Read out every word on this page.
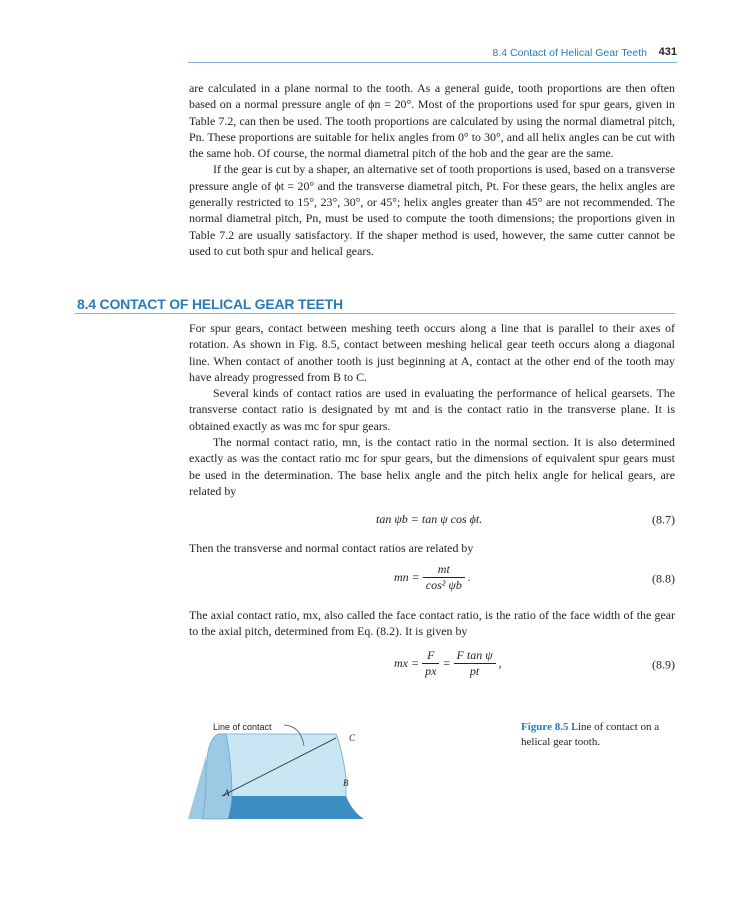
8.4 Contact of Helical Gear Teeth 431

are calculated in a plane normal to the tooth. As a general guide, tooth proportions are then often based on a normal pressure angle of ϕn = 20°. Most of the proportions used for spur gears, given in Table 7.2, can then be used. The tooth proportions are calculated by using the normal diametral pitch, Pn. These proportions are suitable for helix angles from 0° to 30°, and all helix angles can be cut with the same hob. Of course, the normal diametral pitch of the hob and the gear are the same.

If the gear is cut by a shaper, an alternative set of tooth proportions is used, based on a transverse pressure angle of ϕt = 20° and the transverse diametral pitch, Pt. For these gears, the helix angles are generally restricted to 15°, 23°, 30°, or 45°; helix angles greater than 45° are not recommended. The normal diametral pitch, Pn, must be used to compute the tooth dimensions; the proportions given in Table 7.2 are usually satisfactory. If the shaper method is used, however, the same cutter cannot be used to cut both spur and helical gears.

8.4 CONTACT OF HELICAL GEAR TEETH

For spur gears, contact between meshing teeth occurs along a line that is parallel to their axes of rotation. As shown in Fig. 8.5, contact between meshing helical gear teeth occurs along a diagonal line. When contact of another tooth is just beginning at A, contact at the other end of the tooth may have already progressed from B to C.

Several kinds of contact ratios are used in evaluating the performance of helical gearsets. The transverse contact ratio is designated by mt and is the contact ratio in the transverse plane. It is obtained exactly as was mc for spur gears.

The normal contact ratio, mn, is the contact ratio in the normal section. It is also determined exactly as was the contact ratio mc for spur gears, but the dimensions of equivalent spur gears must be used in the determination. The base helix angle and the pitch helix angle for helical gears, are related by

tan ψb = tan ψ cos ϕt.	(8.7)

Then the transverse and normal contact ratios are related by

mn = $\frac{mt}{\text{cos² ψb}}$ .	(8.8)

The axial contact ratio, mx, also called the face contact ratio, is the ratio of the face width of the gear to the axial pitch, determined from Eq. (8.2). It is given by

mx = $\frac{F}{px} = \frac{\text{F tan ψ}}{pt}$ ,	(8.9)
Line of contact
A
B
C
Figure 8.5 Line of contact on a helical gear tooth.
